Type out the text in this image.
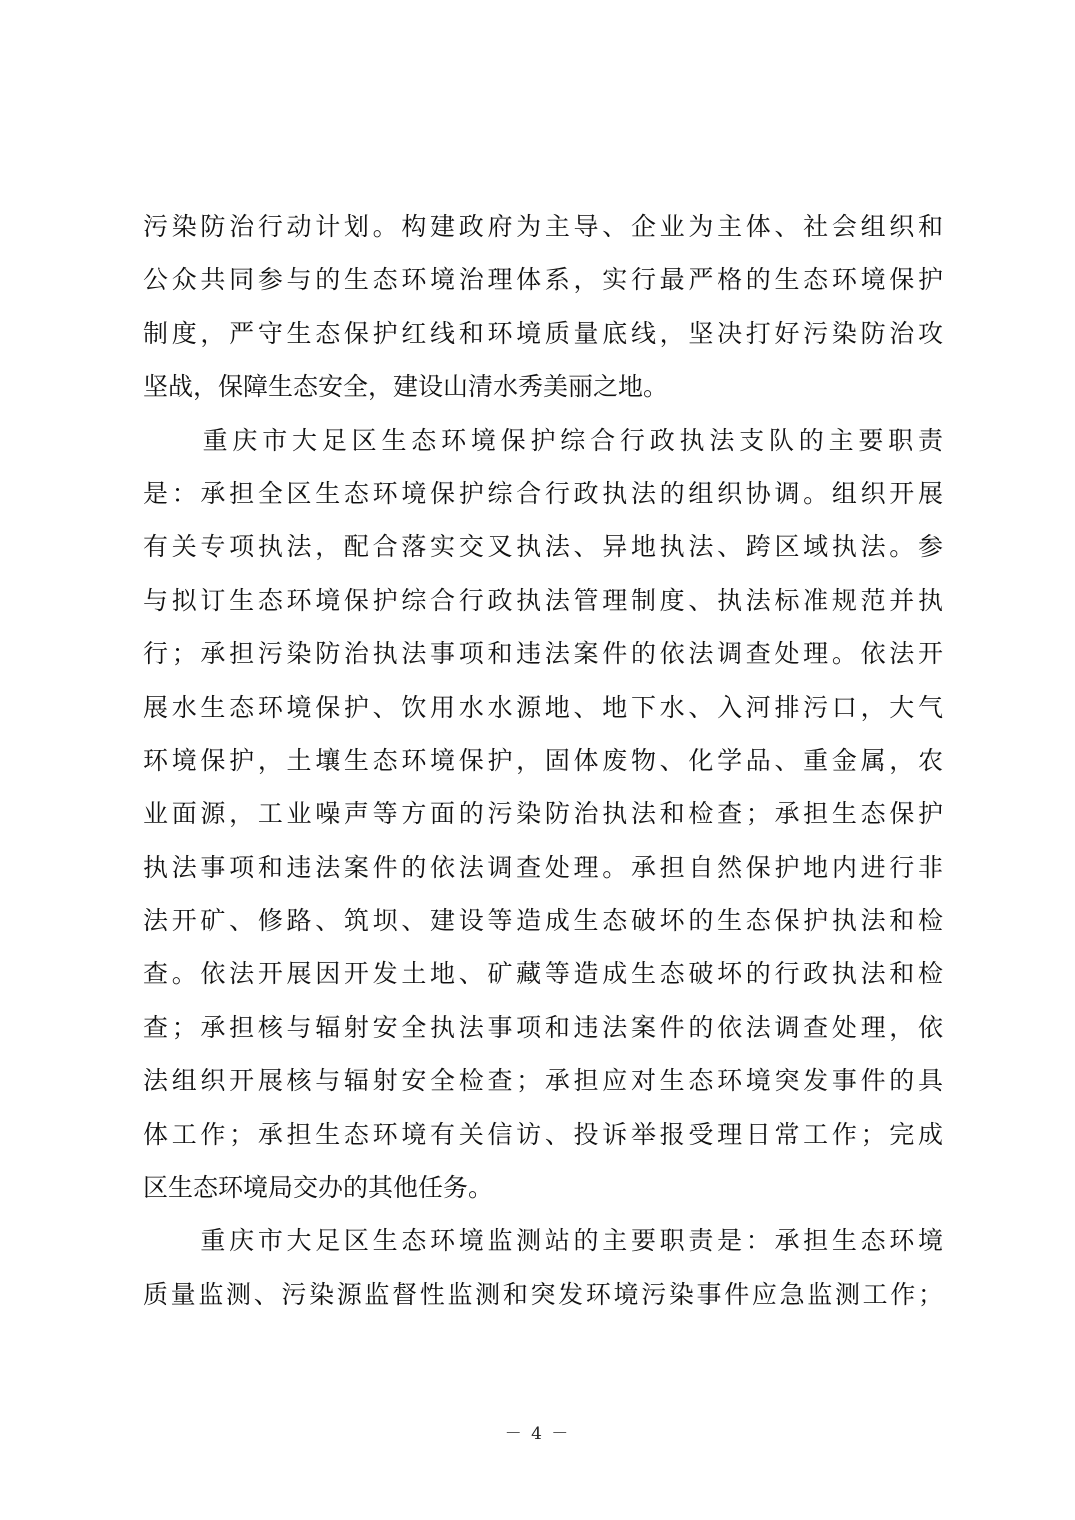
污染防治行动计划。构建政府为主导、企业为主体、社会组织和
公众共同参与的生态环境治理体系，实行最严格的生态环境保护
制度，严守生态保护红线和环境质量底线，坚决打好污染防治攻
坚战，保障生态安全，建设山清水秀美丽之地。
　　重庆市大足区生态环境保护综合行政执法支队的主要职责
是：承担全区生态环境保护综合行政执法的组织协调。组织开展
有关专项执法，配合落实交叉执法、异地执法、跨区域执法。参
与拟订生态环境保护综合行政执法管理制度、执法标准规范并执
行；承担污染防治执法事项和违法案件的依法调查处理。依法开
展水生态环境保护、饮用水水源地、地下水、入河排污口，大气
环境保护，土壤生态环境保护，固体废物、化学品、重金属，农
业面源，工业噪声等方面的污染防治执法和检查；承担生态保护
执法事项和违法案件的依法调查处理。承担自然保护地内进行非
法开矿、修路、筑坝、建设等造成生态破坏的生态保护执法和检
查。依法开展因开发土地、矿藏等造成生态破坏的行政执法和检
查；承担核与辐射安全执法事项和违法案件的依法调查处理，依
法组织开展核与辐射安全检查；承担应对生态环境突发事件的具
体工作；承担生态环境有关信访、投诉举报受理日常工作；完成
区生态环境局交办的其他任务。
　　重庆市大足区生态环境监测站的主要职责是：承担生态环境
质量监测、污染源监督性监测和突发环境污染事件应急监测工作；
－ 4 －
